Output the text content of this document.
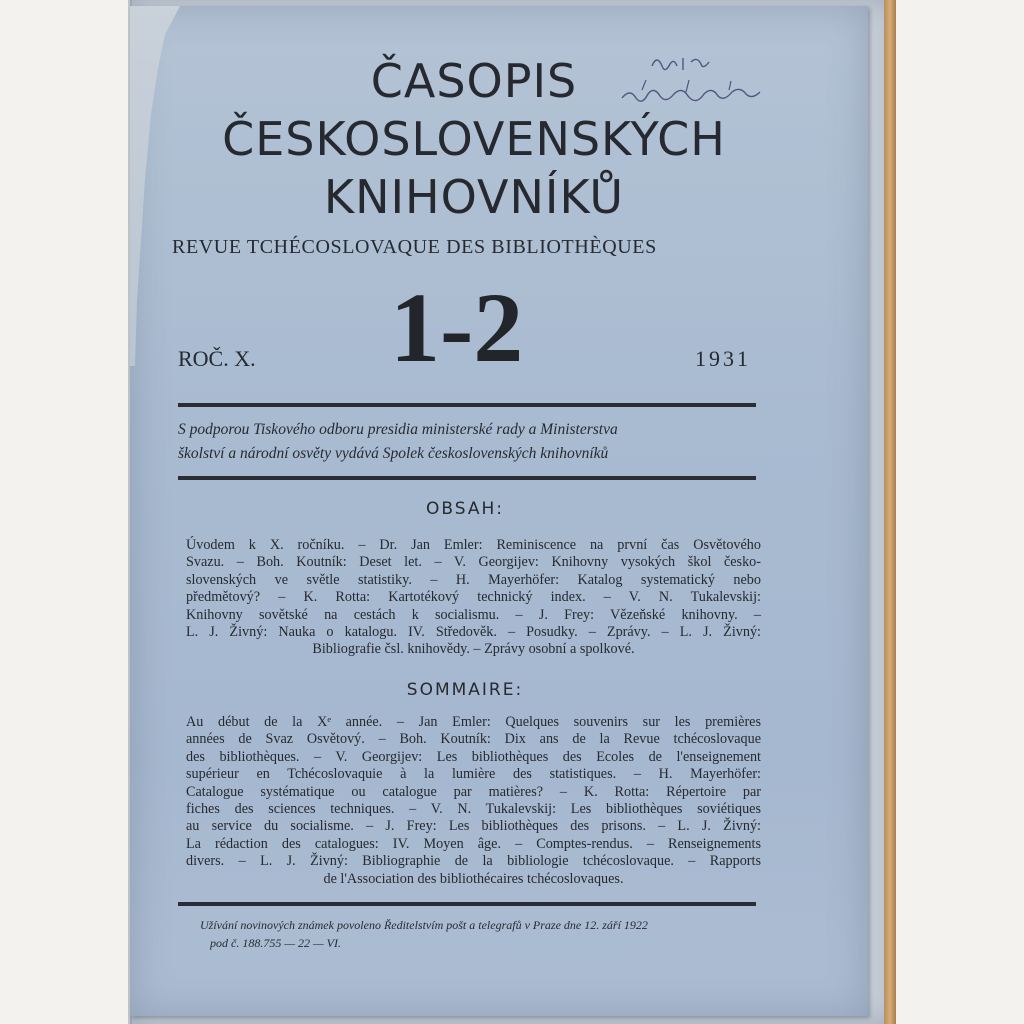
ČASOPIS
ČESKOSLOVENSKÝCH
KNIHOVNÍKŮ
REVUE TCHÉCOSLOVAQUE DES BIBLIOTHÈQUES
1-2
ROČ. X.	1931
S podporou Tiskového odboru presidia ministerské rady a Ministerstva
školství a národní osvěty vydává Spolek československých knihovníků
OBSAH:
Úvodem k X. ročníku. – Dr. Jan Emler: Reminiscence na první čas Osvětového
Svazu. – Boh. Koutník: Deset let. – V. Georgijev: Knihovny vysokých škol česko-
slovenských ve světle statistiky. – H. Mayerhöfer: Katalog systematický nebo
předmětový? – K. Rotta: Kartotékový technický index. – V. N. Tukalevskij:
Knihovny sovětské na cestách k socialismu. – J. Frey: Vězeňské knihovny. –
L. J. Živný: Nauka o katalogu. IV. Středověk. – Posudky. – Zprávy. – L. J. Živný:
Bibliografie čsl. knihovědy. – Zprávy osobní a spolkové.
SOMMAIRE:
Au début de la Xᵉ année. – Jan Emler: Quelques souvenirs sur les premières
années de Svaz Osvětový. – Boh. Koutník: Dix ans de la Revue tchécoslovaque
des bibliothèques. – V. Georgijev: Les bibliothèques des Ecoles de l'enseignement
supérieur en Tchécoslovaquie à la lumière des statistiques. – H. Mayerhöfer:
Catalogue systématique ou catalogue par matières? – K. Rotta: Répertoire par
fiches des sciences techniques. – V. N. Tukalevskij: Les bibliothèques soviétiques
au service du socialisme. – J. Frey: Les bibliothèques des prisons. – L. J. Živný:
La rédaction des catalogues: IV. Moyen âge. – Comptes-rendus. – Renseignements
divers. – L. J. Živný: Bibliographie de la bibliologie tchécoslovaque. – Rapports
de l'Association des bibliothécaires tchécoslovaques.
Užívání novinových známek povoleno Ředitelstvím pošt a telegrafů v Praze dne 12. září 1922
pod č. 188.755 — 22 — VI.
